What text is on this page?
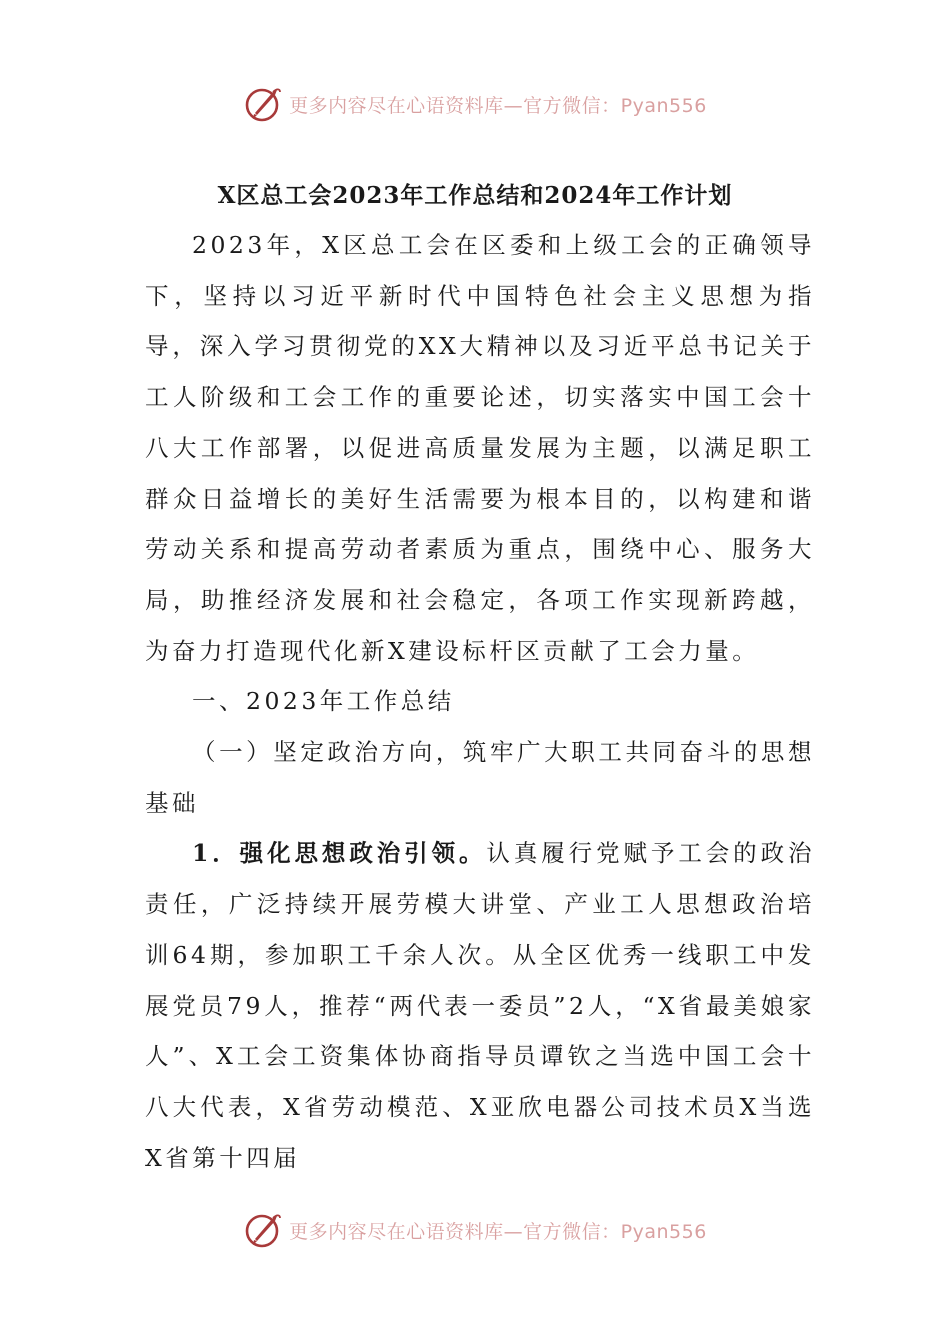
更多内容尽在心语资料库—官方微信：Pyan556
X区总工会2023年工作总结和2024年工作计划

2023年，X区总工会在区委和上级工会的正确领导下，坚持以习近平新时代中国特色社会主义思想为指导，深入学习贯彻党的XX大精神以及习近平总书记关于工人阶级和工会工作的重要论述，切实落实中国工会十八大工作部署，以促进高质量发展为主题，以满足职工群众日益增长的美好生活需要为根本目的，以构建和谐劳动关系和提高劳动者素质为重点，围绕中心、服务大局，助推经济发展和社会稳定，各项工作实现新跨越，为奋力打造现代化新X建设标杆区贡献了工会力量。

一、2023年工作总结

（一）坚定政治方向，筑牢广大职工共同奋斗的思想基础

1．强化思想政治引领。认真履行党赋予工会的政治责任，广泛持续开展劳模大讲堂、产业工人思想政治培训64期，参加职工千余人次。从全区优秀一线职工中发展党员79人，推荐“两代表一委员”2人，“X省最美娘家人”、X工会工资集体协商指导员谭钦之当选中国工会十八大代表，X省劳动模范、X亚欣电器公司技术员X当选X省第十四届

更多内容尽在心语资料库—官方微信：Pyan556
